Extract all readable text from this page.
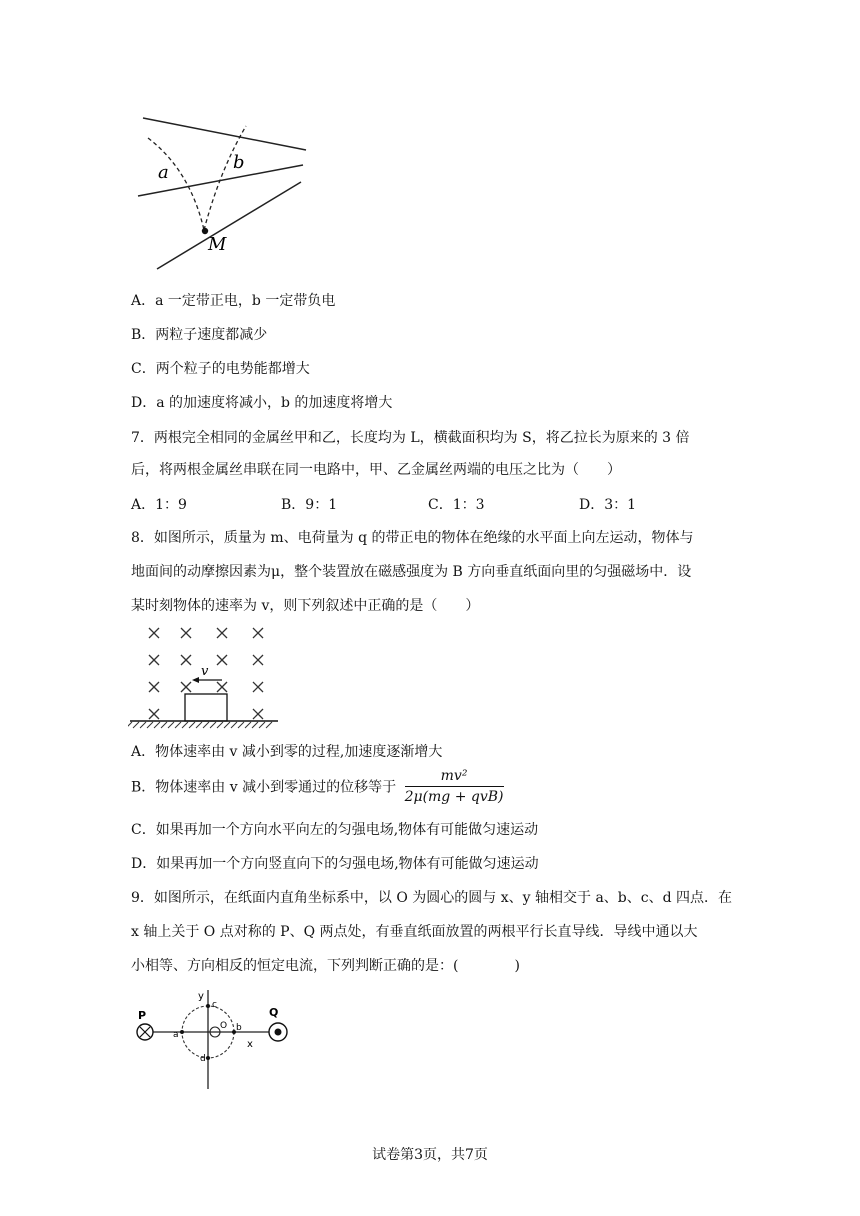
a	b
M
A．a 一定带正电，b 一定带负电
B．两粒子速度都减少
C．两个粒子的电势能都增大
D．a 的加速度将减小，b 的加速度将增大
7．两根完全相同的金属丝甲和乙，长度均为 L，横截面积均为 S，将乙拉长为原来的 3 倍
后，将两根金属丝串联在同一电路中，甲、乙金属丝两端的电压之比为（　　）
A．1：9	B．9：1	C．1：3	D．3：1
8．如图所示，质量为 m、电荷量为 q 的带正电的物体在绝缘的水平面上向左运动，物体与
地面间的动摩擦因素为μ，整个装置放在磁感强度为 B 方向垂直纸面向里的匀强磁场中．设
某时刻物体的速率为 v，则下列叙述中正确的是（　　）
v
A．物体速率由 v 减小到零的过程,加速度逐渐增大
B．物体速率由 v 减小到零通过的位移等于 $\frac{\text{mv²}}{\text{2μ(mg + qvB)}}$
C．如果再加一个方向水平向左的匀强电场,物体有可能做匀速运动
D．如果再加一个方向竖直向下的匀强电场,物体有可能做匀速运动
9．如图所示，在纸面内直角坐标系中，以 O 为圆心的圆与 x、y 轴相交于 a、b、c、d 四点．在
x 轴上关于 O 点对称的 P、Q 两点处，有垂直纸面放置的两根平行长直导线．导线中通以大
小相等、方向相反的恒定电流，下列判断正确的是：(　　　　)
P	Q
y
x
O
a
b
c
d
试卷第3页，共7页
